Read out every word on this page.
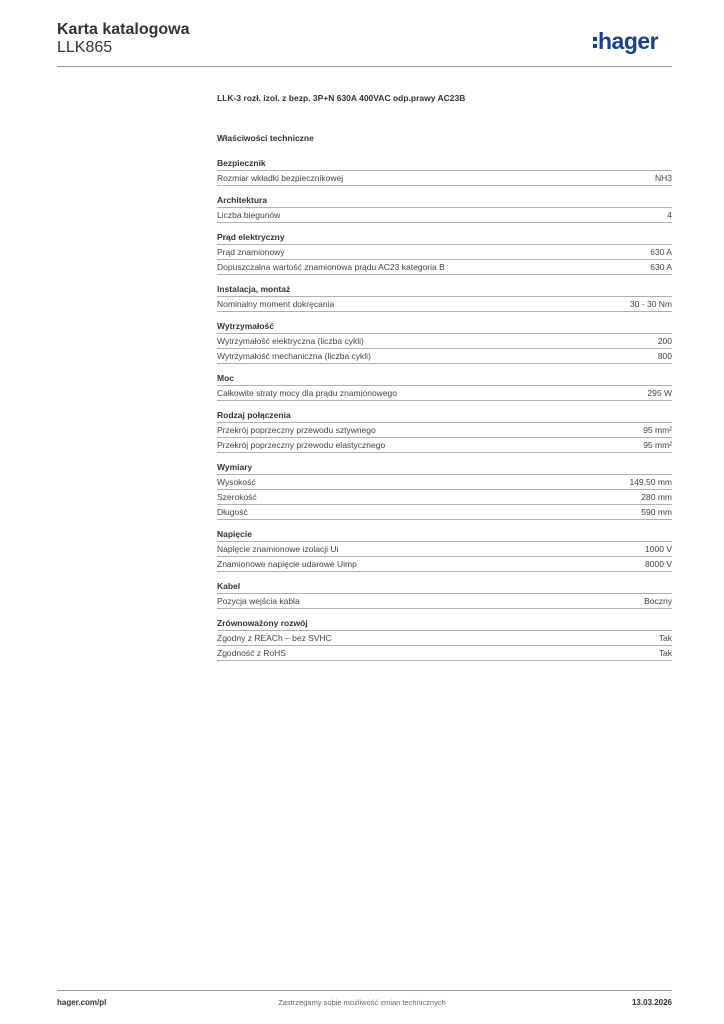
Karta katalogowa
LLK865	hager
LLK-3 rozł. izol. z bezp. 3P+N 630A 400VAC odp.prawy AC23B
Właściwości techniczne
Bezpiecznik
Rozmiar wkładki bezpiecznikowej	NH3
Architektura
Liczba biegunów	4
Prąd elektryczny
Prąd znamionowy	630 A
Dopuszczalna wartość znamionowa prądu AC23 kategoria B	630 A
Instalacja, montaż
Nominalny moment dokręcania	30 - 30 Nm
Wytrzymałość
Wytrzymałość elektryczna (liczba cykli)	200
Wytrzymałość mechaniczna (liczba cykli)	800
Moc
Całkowite straty mocy dla prądu znamionowego	295 W
Rodzaj połączenia
Przekrój poprzeczny przewodu sztywnego	95 mm²
Przekrój poprzeczny przewodu elastycznego	95 mm²
Wymiary
Wysokość	149,50 mm
Szerokość	280 mm
Długość	590 mm
Napięcie
Napięcie znamionowe izolacji Ui	1000 V
Znamionowe napięcie udarowe Uimp	8000 V
Kabel
Pozycja wejścia kabla	Boczny
Zrównoważony rozwój
Zgodny z REACh – bez SVHC	Tak
Zgodność z RoHS	Tak
hager.com/pl	Zastrzegamy sobie możliwość zmian technicznych	13.03.2026
